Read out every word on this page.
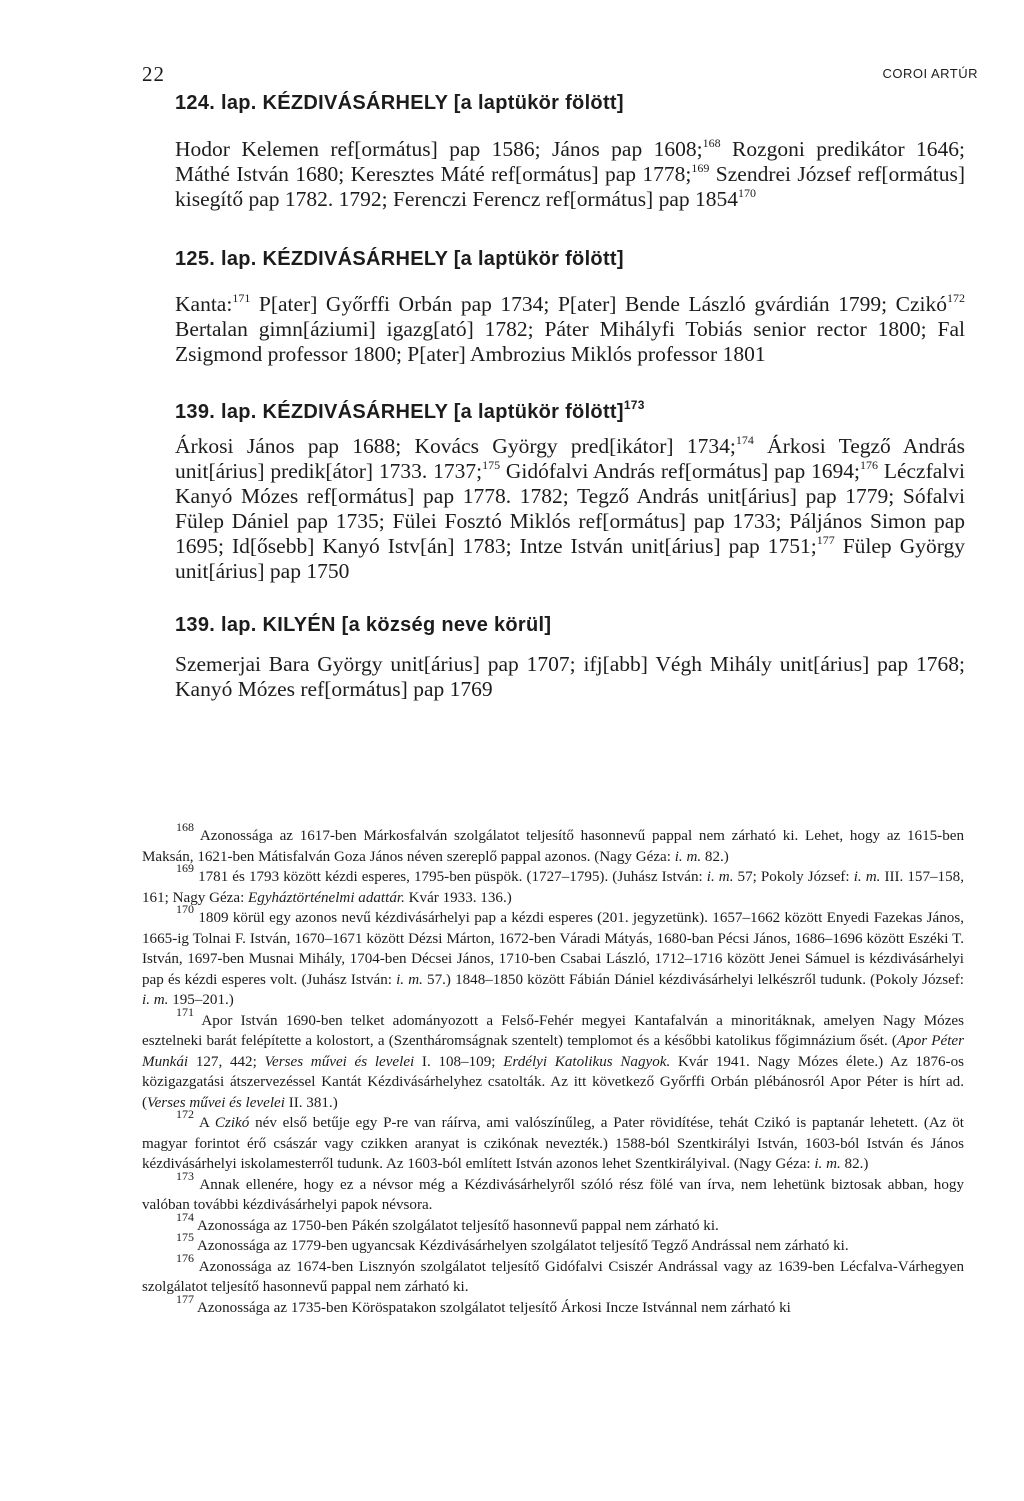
22	COROI ARTÚR
124. lap. KÉZDIVÁSÁRHELY [a laptükör fölött]
Hodor Kelemen ref[ormátus] pap 1586; János pap 1608;$^{168}$ Rozgoni predikátor 1646; Máthé István 1680; Keresztes Máté ref[ormátus] pap 1778;$^{169}$ Szendrei József ref[ormátus] kisegítő pap 1782. 1792; Ferenczi Ferencz ref[ormátus] pap 1854$^{170}$
125. lap. KÉZDIVÁSÁRHELY [a laptükör fölött]
Kanta:$^{171}$ P[ater] Győrffi Orbán pap 1734; P[ater] Bende László gvárdián 1799; Czikó$^{172}$ Bertalan gimn[áziumi] igazg[ató] 1782; Páter Mihályfi Tobiás senior rector 1800; Fal Zsigmond professor 1800; P[ater] Ambrozius Miklós professor 1801
139. lap. KÉZDIVÁSÁRHELY [a laptükör fölött]$^{173}$
Árkosi János pap 1688; Kovács György pred[ikátor] 1734;$^{174}$ Árkosi Tegző András unit[árius] predik[átor] 1733. 1737;$^{175}$ Gidófalvi András ref[ormátus] pap 1694;$^{176}$ Léczfalvi Kanyó Mózes ref[ormátus] pap 1778. 1782; Tegző András unit[árius] pap 1779; Sófalvi Fülep Dániel pap 1735; Fülei Fosztó Miklós ref[ormátus] pap 1733; Páljános Simon pap 1695; Id[ősebb] Kanyó Istv[án] 1783; Intze István unit[árius] pap 1751;$^{177}$ Fülep György unit[árius] pap 1750
139. lap. KILYÉN [a község neve körül]
Szemerjai Bara György unit[árius] pap 1707; ifj[abb] Végh Mihály unit[árius] pap 1768; Kanyó Mózes ref[ormátus] pap 1769

$^{168}$ Azonossága az 1617-ben Márkosfalván szolgálatot teljesítő hasonnevű pappal nem zárható ki. Lehet, hogy az 1615-ben Maksán, 1621-ben Mátisfalván Goza János néven szereplő pappal azonos. (Nagy Géza: i. m. 82.)

$^{169}$ 1781 és 1793 között kézdi esperes, 1795-ben püspök. (1727–1795). (Juhász István: i. m. 57; Pokoly József: i. m. III. 157–158, 161; Nagy Géza: Egyháztörténelmi adattár. Kvár 1933. 136.)

$^{170}$ 1809 körül egy azonos nevű kézdivásárhelyi pap a kézdi esperes (201. jegyzetünk). 1657–1662 között Enyedi Fazekas János, 1665-ig Tolnai F. István, 1670–1671 között Dézsi Márton, 1672-ben Váradi Mátyás, 1680-ban Pécsi János, 1686–1696 között Eszéki T. István, 1697-ben Musnai Mihály, 1704-ben Décsei János, 1710-ben Csabai László, 1712–1716 között Jenei Sámuel is kézdivásárhelyi pap és kézdi esperes volt. (Juhász István: i. m. 57.) 1848–1850 között Fábián Dániel kézdivásárhelyi lelkészről tudunk. (Pokoly József: i. m. 195–201.)

$^{171}$ Apor István 1690-ben telket adományozott a Felső-Fehér megyei Kantafalván a minoritáknak, amelyen Nagy Mózes esztelneki barát felépítette a kolostort, a (Szentháromságnak szentelt) templomot és a későbbi katolikus főgimnázium ősét. (Apor Péter Munkái 127, 442; Verses művei és levelei I. 108–109; Erdélyi Katolikus Nagyok. Kvár 1941. Nagy Mózes élete.) Az 1876-os közigazgatási átszervezéssel Kantát Kézdivásárhelyhez csatolták. Az itt következő Győrffi Orbán plébánosról Apor Péter is hírt ad. (Verses művei és levelei II. 381.)

$^{172}$ A Czikó név első betűje egy P-re van ráírva, ami valószínűleg, a Pater rövidítése, tehát Czikó is paptanár lehetett. (Az öt magyar forintot érő császár vagy czikken aranyat is czikónak nevezték.) 1588-ból Szentkirályi István, 1603-ból István és János kézdivásárhelyi iskolamesterről tudunk. Az 1603-ból említett István azonos lehet Szentkirályival. (Nagy Géza: i. m. 82.)

$^{173}$ Annak ellenére, hogy ez a névsor még a Kézdivásárhelyről szóló rész fölé van írva, nem lehetünk biztosak abban, hogy valóban további kézdivásárhelyi papok névsora.

$^{174}$ Azonossága az 1750-ben Pákén szolgálatot teljesítő hasonnevű pappal nem zárható ki.

$^{175}$ Azonossága az 1779-ben ugyancsak Kézdivásárhelyen szolgálatot teljesítő Tegző Andrással nem zárható ki.

$^{176}$ Azonossága az 1674-ben Lisznyón szolgálatot teljesítő Gidófalvi Csiszér Andrással vagy az 1639-ben Lécfalva-Várhegyen szolgálatot teljesítő hasonnevű pappal nem zárható ki.

$^{177}$ Azonossága az 1735-ben Köröspatakon szolgálatot teljesítő Árkosi Incze Istvánnal nem zárható ki
